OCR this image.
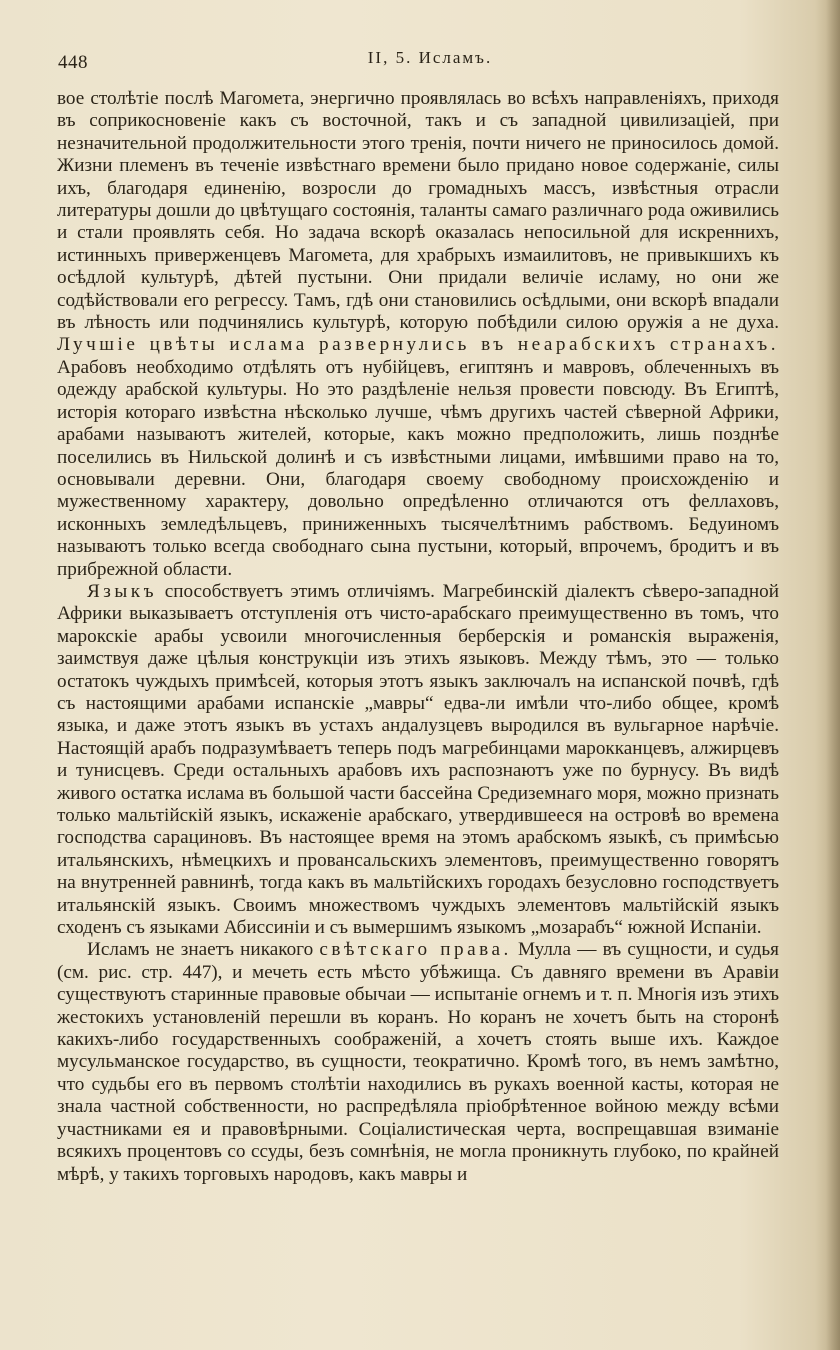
448	II, 5. Исламъ.

вое столѣтіе послѣ Магомета, энергично проявлялась во всѣхъ направленіяхъ, приходя въ соприкосновеніе какъ съ восточной, такъ и съ западной цивилизаціей, при незначительной продолжительности этого тренія, почти ничего не приносилось домой. Жизни племенъ въ теченіе извѣстнаго времени было придано новое содержаніе, силы ихъ, благодаря единенію, возросли до громадныхъ массъ, извѣстныя отрасли литературы дошли до цвѣтущаго состоянія, таланты самаго различнаго рода оживились и стали проявлять себя. Но задача вскорѣ оказалась непосильной для искреннихъ, истинныхъ приверженцевъ Магомета, для храбрыхъ измаилитовъ, не привыкшихъ къ осѣдлой культурѣ, дѣтей пустыни. Они придали величіе исламу, но они же содѣйствовали его регрессу. Тамъ, гдѣ они становились осѣдлыми, они вскорѣ впадали въ лѣность или подчинялись культурѣ, которую побѣдили силою оружія а не духа. Лучшіе цвѣты ислама развернулись въ неарабскихъ странахъ. Арабовъ необходимо отдѣлять отъ нубійцевъ, египтянъ и мавровъ, облеченныхъ въ одежду арабской культуры. Но это раздѣленіе нельзя провести повсюду. Въ Египтѣ, исторія котораго извѣстна нѣсколько лучше, чѣмъ другихъ частей сѣверной Африки, арабами называютъ жителей, которые, какъ можно предположить, лишь позднѣе поселились въ Нильской долинѣ и съ извѣстными лицами, имѣвшими право на то, основывали деревни. Они, благодаря своему свободному происхожденію и мужественному характеру, довольно опредѣленно отличаются отъ феллаховъ, исконныхъ земледѣльцевъ, приниженныхъ тысячелѣтнимъ рабствомъ. Бедуиномъ называютъ только всегда свободнаго сына пустыни, который, впрочемъ, бродитъ и въ прибрежной области.

Языкъ способствуетъ этимъ отличіямъ. Магребинскій діалектъ сѣверо-западной Африки выказываетъ отступленія отъ чисто-арабскаго преимущественно въ томъ, что марокскіе арабы усвоили многочисленныя берберскія и романскія выраженія, заимствуя даже цѣлыя конструкціи изъ этихъ языковъ. Между тѣмъ, это — только остатокъ чуждыхъ примѣсей, которыя этотъ языкъ заключалъ на испанской почвѣ, гдѣ съ настоящими арабами испанскіе „мавры“ едва-ли имѣли что-либо общее, кромѣ языка, и даже этотъ языкъ въ устахъ андалузцевъ выродился въ вульгарное нарѣчіе. Настоящій арабъ подразумѣваетъ теперь подъ магребинцами марокканцевъ, алжирцевъ и тунисцевъ. Среди остальныхъ арабовъ ихъ распознаютъ уже по бурнусу. Въ видѣ живого остатка ислама въ большой части бассейна Средиземнаго моря, можно признать только мальтійскій языкъ, искаженіе арабскаго, утвердившееся на островѣ во времена господства сарациновъ. Въ настоящее время на этомъ арабскомъ языкѣ, съ примѣсью итальянскихъ, нѣмецкихъ и провансальскихъ элементовъ, преимущественно говорятъ на внутренней равнинѣ, тогда какъ въ мальтійскихъ городахъ безусловно господствуетъ итальянскій языкъ. Своимъ множествомъ чуждыхъ элементовъ мальтійскій языкъ сходенъ съ языками Абиссиніи и съ вымершимъ языкомъ „мозарабъ“ южной Испаніи.

Исламъ не знаетъ никакого свѣтскаго права. Мулла — въ сущности, и судья (см. рис. стр. 447), и мечеть есть мѣсто убѣжища. Съ давняго времени въ Аравіи существуютъ старинные правовые обычаи — испытаніе огнемъ и т. п. Многія изъ этихъ жестокихъ установленій перешли въ коранъ. Но коранъ не хочетъ быть на сторонѣ какихъ-либо государственныхъ соображеній, а хочетъ стоять выше ихъ. Каждое мусульманское государство, въ сущности, теократично. Кромѣ того, въ немъ замѣтно, что судьбы его въ первомъ столѣтіи находились въ рукахъ военной касты, которая не знала частной собственности, но распредѣляла пріобрѣтенное войною между всѣми участниками ея и правовѣрными. Соціалистическая черта, воспрещавшая взиманіе всякихъ процентовъ со ссуды, безъ сомнѣнія, не могла проникнуть глубоко, по крайней мѣрѣ, у такихъ торговыхъ народовъ, какъ мавры и
